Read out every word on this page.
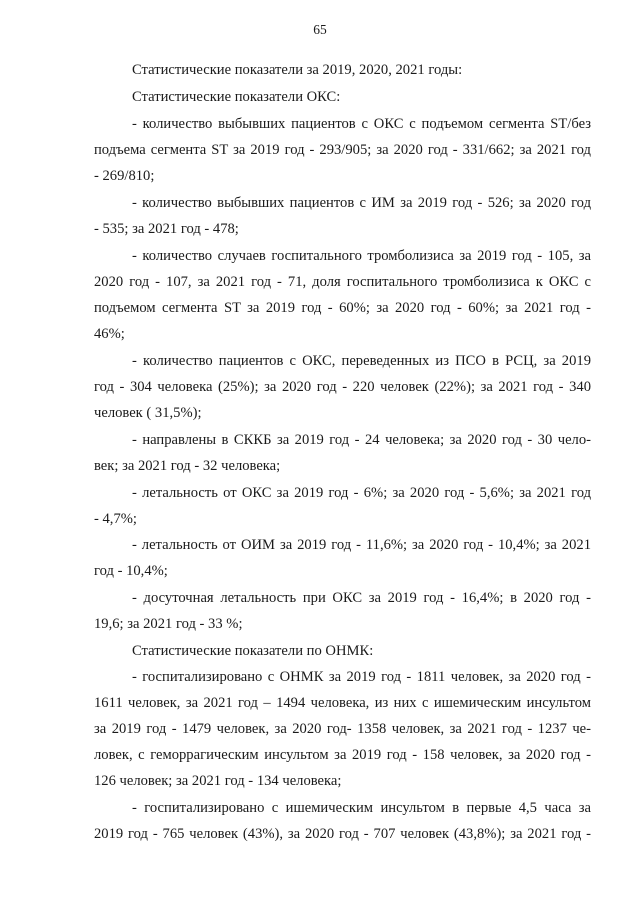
65
Статистические показатели за 2019, 2020, 2021 годы:
Статистические показатели ОКС:
- количество выбывших пациентов с ОКС с подъемом сегмента ST/без
подъема сегмента ST за 2019 год - 293/905; за 2020 год - 331/662; за 2021 год
- 269/810;
- количество выбывших пациентов с ИМ за 2019 год - 526; за 2020 год
- 535; за 2021 год - 478;
- количество случаев госпитального тромболизиса за 2019 год - 105, за
2020 год - 107, за 2021 год - 71, доля госпитального тромболизиса к ОКС с
подъемом сегмента ST за 2019 год - 60%; за 2020 год - 60%; за 2021 год -
46%;
- количество пациентов с ОКС, переведенных из ПСО в РСЦ, за 2019
год - 304 человека (25%); за 2020 год - 220 человек (22%); за 2021 год - 340
человек ( 31,5%);
- направлены в СККБ за 2019 год - 24 человека; за 2020 год - 30 чело-
век; за 2021 год - 32 человека;
- летальность от ОКС за 2019 год - 6%; за 2020 год - 5,6%; за 2021 год
- 4,7%;
- летальность от ОИМ за 2019 год - 11,6%; за 2020 год - 10,4%; за 2021
год - 10,4%;
- досуточная летальность при ОКС за 2019 год - 16,4%; в 2020 год -
19,6; за 2021 год - 33 %;
Статистические показатели по ОНМК:
- госпитализировано с ОНМК за 2019 год - 1811 человек, за 2020 год -
1611 человек, за 2021 год – 1494 человека, из них с ишемическим инсультом
за 2019 год - 1479 человек, за 2020 год- 1358 человек, за 2021 год - 1237 че-
ловек, с геморрагическим инсультом за 2019 год - 158 человек, за 2020 год -
126 человек; за 2021 год - 134 человека;
- госпитализировано с ишемическим инсультом в первые 4,5 часа за
2019 год - 765 человек (43%), за 2020 год - 707 человек (43,8%); за 2021 год -
